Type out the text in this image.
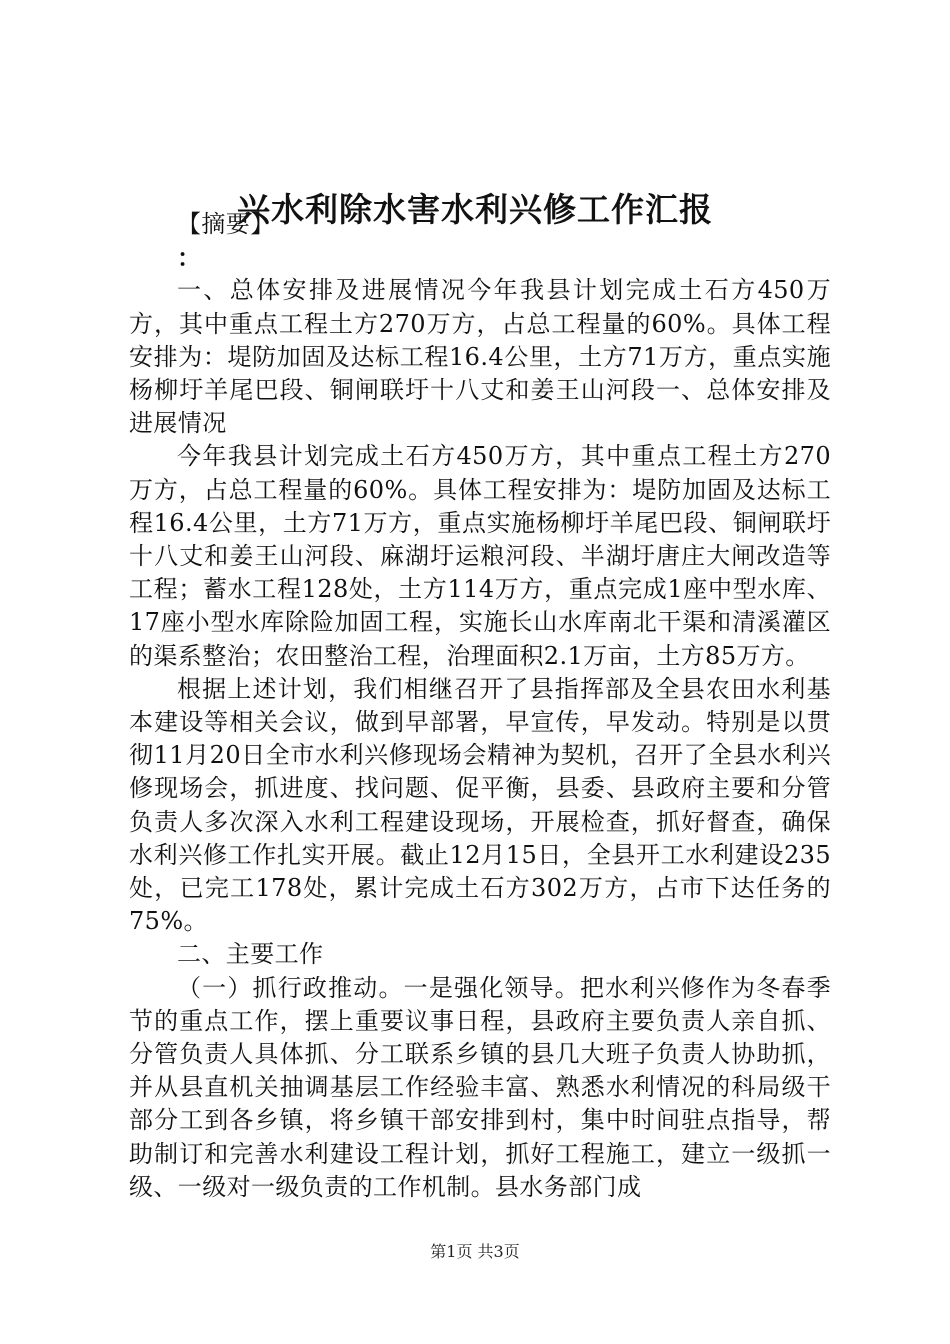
兴水利除水害水利兴修工作汇报

【摘要】

：

一、总体安排及进展情况今年我县计划完成土石方450万方，其中重点工程土方270万方，占总工程量的60%。具体工程安排为：堤防加固及达标工程16.4公里，土方71万方，重点实施杨柳圩羊尾巴段、铜闸联圩十八丈和姜王山河段一、总体安排及进展情况

今年我县计划完成土石方450万方，其中重点工程土方270万方，占总工程量的60%。具体工程安排为：堤防加固及达标工程16.4公里，土方71万方，重点实施杨柳圩羊尾巴段、铜闸联圩十八丈和姜王山河段、麻湖圩运粮河段、半湖圩唐庄大闸改造等工程；蓄水工程128处，土方114万方，重点完成1座中型水库、17座小型水库除险加固工程，实施长山水库南北干渠和清溪灌区的渠系整治；农田整治工程，治理面积2.1万亩，土方85万方。

根据上述计划，我们相继召开了县指挥部及全县农田水利基本建设等相关会议，做到早部署，早宣传，早发动。特别是以贯彻11月20日全市水利兴修现场会精神为契机，召开了全县水利兴修现场会，抓进度、找问题、促平衡，县委、县政府主要和分管负责人多次深入水利工程建设现场，开展检查，抓好督查，确保水利兴修工作扎实开展。截止12月15日，全县开工水利建设235处，已完工178处，累计完成土石方302万方，占市下达任务的75%。

二、主要工作

（一）抓行政推动。一是强化领导。把水利兴修作为冬春季节的重点工作，摆上重要议事日程，县政府主要负责人亲自抓、分管负责人具体抓、分工联系乡镇的县几大班子负责人协助抓，并从县直机关抽调基层工作经验丰富、熟悉水利情况的科局级干部分工到各乡镇，将乡镇干部安排到村，集中时间驻点指导，帮助制订和完善水利建设工程计划，抓好工程施工，建立一级抓一级、一级对一级负责的工作机制。县水务部门成

第1页 共3页
